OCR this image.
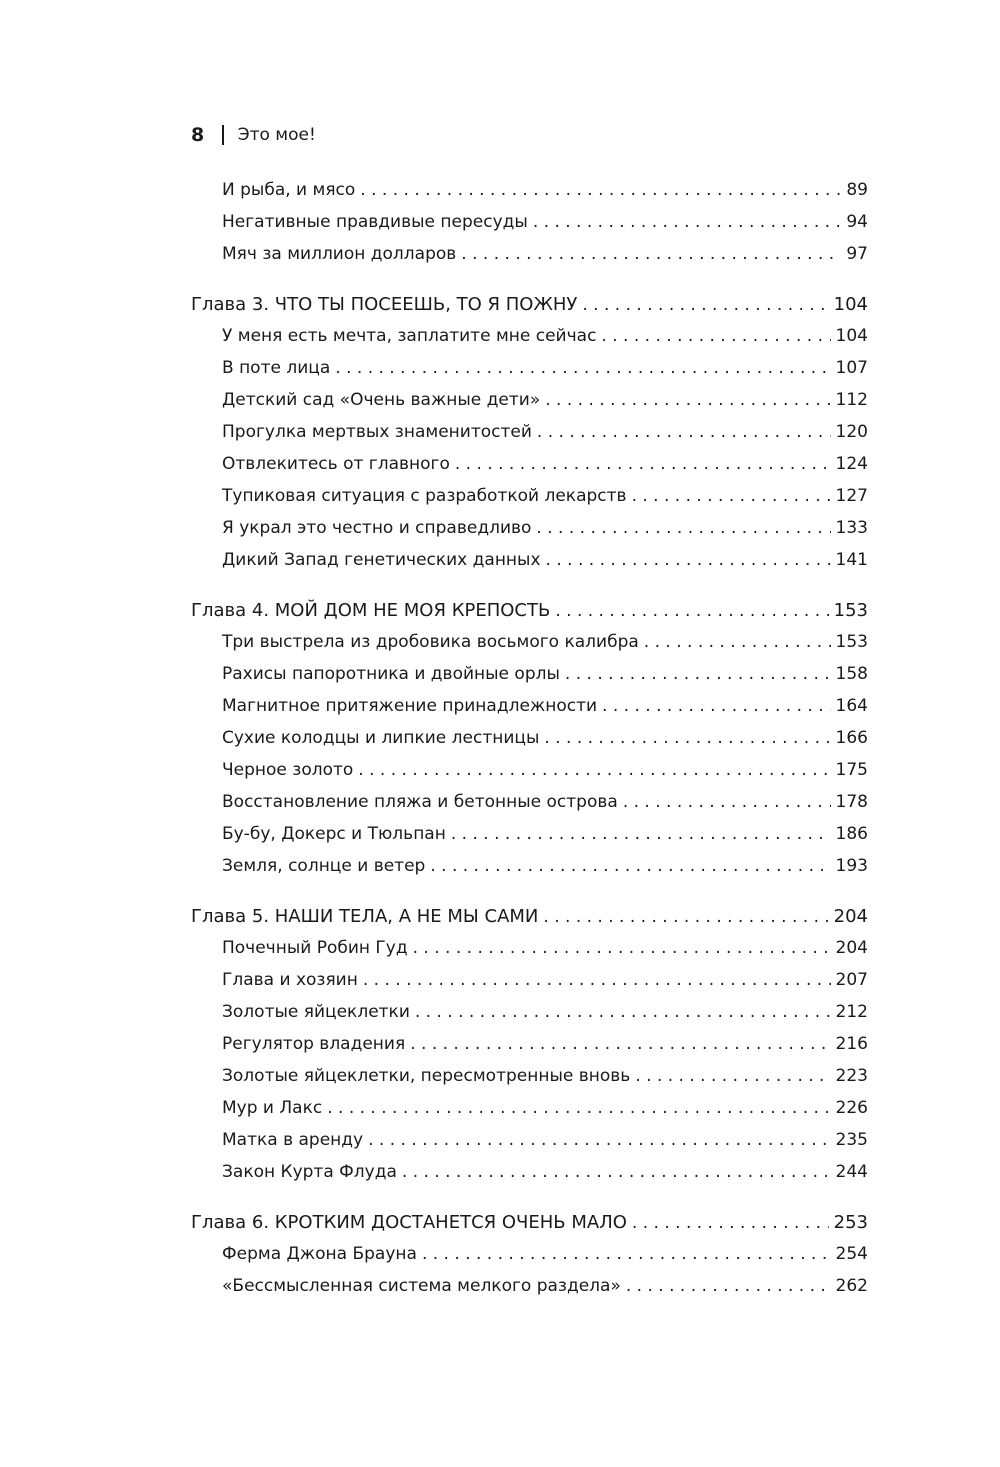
8 Это мое!
И рыба, и мясо . . .	89
Негативные правдивые пересуды . . .	94
Мяч за миллион долларов . . .	97
Глава 3. ЧТО ТЫ ПОСЕЕШЬ, ТО Я ПОЖНУ . . .	104
У меня есть мечта, заплатите мне сейчас . . .	104
В поте лица . . .	107
Детский сад «Очень важные дети» . . .	112
Прогулка мертвых знаменитостей . . .	120
Отвлекитесь от главного . . .	124
Тупиковая ситуация с разработкой лекарств . . .	127
Я украл это честно и справедливо . . .	133
Дикий Запад генетических данных . . .	141
Глава 4. МОЙ ДОМ НЕ МОЯ КРЕПОСТЬ . . .	153
Три выстрела из дробовика восьмого калибра . . .	153
Рахисы папоротника и двойные орлы . . .	158
Магнитное притяжение принадлежности . . .	164
Сухие колодцы и липкие лестницы . . .	166
Черное золото . . .	175
Восстановление пляжа и бетонные острова . . .	178
Бу-бу, Докерс и Тюльпан . . .	186
Земля, солнце и ветер . . .	193
Глава 5. НАШИ ТЕЛА, А НЕ МЫ САМИ . . .	204
Почечный Робин Гуд . . .	204
Глава и хозяин . . .	207
Золотые яйцеклетки . . .	212
Регулятор владения . . .	216
Золотые яйцеклетки, пересмотренные вновь . . .	223
Мур и Лакс . . .	226
Матка в аренду . . .	235
Закон Курта Флуда . . .	244
Глава 6. КРОТКИМ ДОСТАНЕТСЯ ОЧЕНЬ МАЛО . . .	253
Ферма Джона Брауна . . .	254
«Бессмысленная система мелкого раздела» . . .	262
